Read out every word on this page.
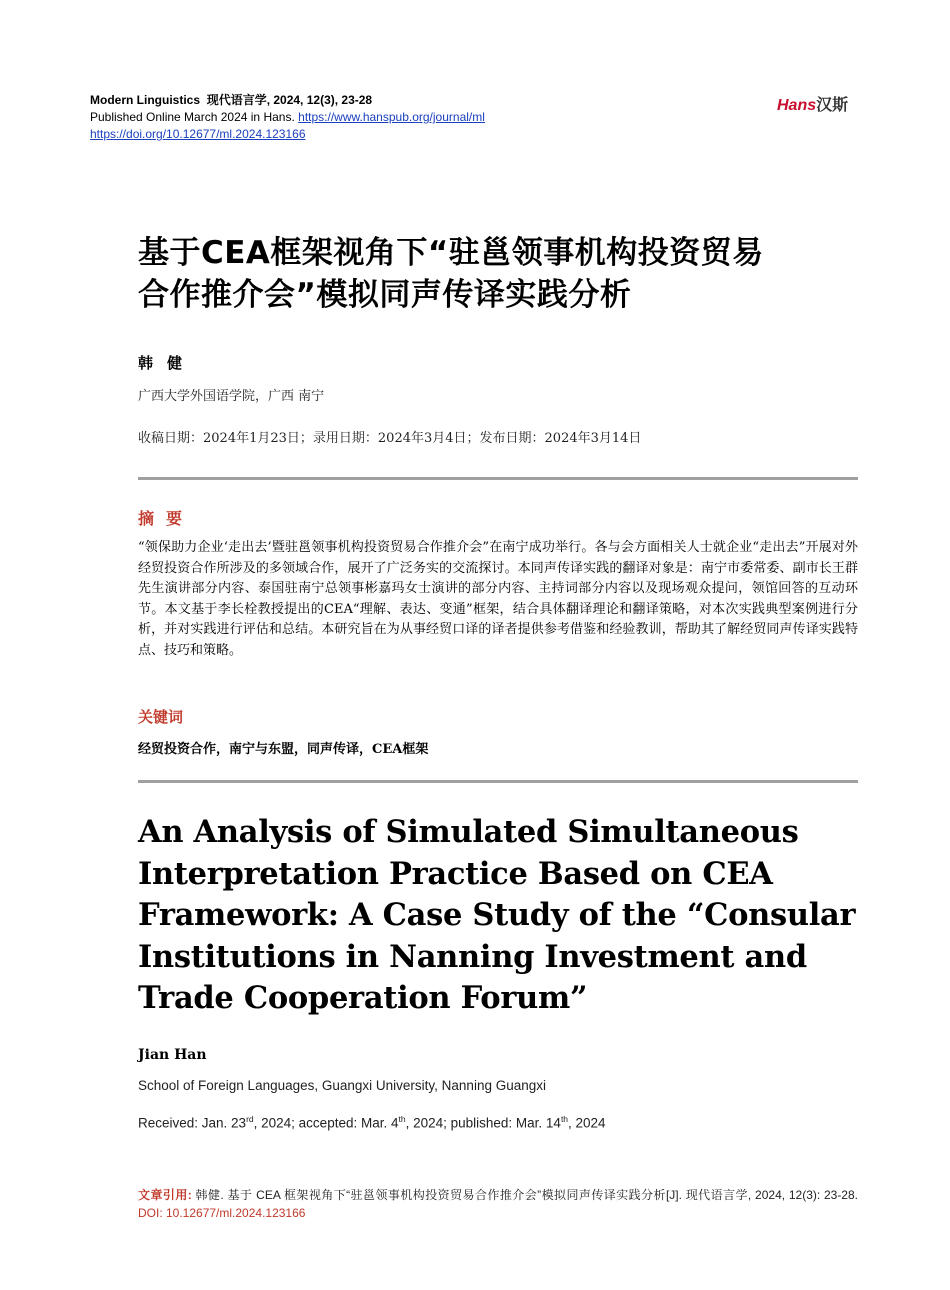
Modern Linguistics 现代语言学, 2024, 12(3), 23-28
Published Online March 2024 in Hans. https://www.hanspub.org/journal/ml
https://doi.org/10.12677/ml.2024.123166
Hans汉斯
基于CEA框架视角下“驻邕领事机构投资贸易
合作推介会”模拟同声传译实践分析
韩健
广西大学外国语学院，广西 南宁
收稿日期：2024年1月23日；录用日期：2024年3月4日；发布日期：2024年3月14日
摘要
“领保助力企业‘走出去’暨驻邕领事机构投资贸易合作推介会”在南宁成功举行。各与会方面相关人士就企业“走出去”开展对外经贸投资合作所涉及的多领域合作，展开了广泛务实的交流探讨。本同声传译实践的翻译对象是：南宁市委常委、副市长王群先生演讲部分内容、泰国驻南宁总领事彬嘉玛女士演讲的部分内容、主持词部分内容以及现场观众提问，领馆回答的互动环节。本文基于李长栓教授提出的CEA“理解、表达、变通”框架，结合具体翻译理论和翻译策略，对本次实践典型案例进行分析，并对实践进行评估和总结。本研究旨在为从事经贸口译的译者提供参考借鉴和经验教训，帮助其了解经贸同声传译实践特点、技巧和策略。
关键词
经贸投资合作，南宁与东盟，同声传译，CEA框架
An Analysis of Simulated Simultaneous
Interpretation Practice Based on CEA
Framework: A Case Study of the “Consular
Institutions in Nanning Investment and
Trade Cooperation Forum”
Jian Han
School of Foreign Languages, Guangxi University, Nanning Guangxi
Received: Jan. 23rd, 2024; accepted: Mar. 4th, 2024; published: Mar. 14th, 2024
文章引用: 韩健. 基于 CEA 框架视角下“驻邕领事机构投资贸易合作推介会”模拟同声传译实践分析[J]. 现代语言学, 2024, 12(3): 23-28. DOI: 10.12677/ml.2024.123166
